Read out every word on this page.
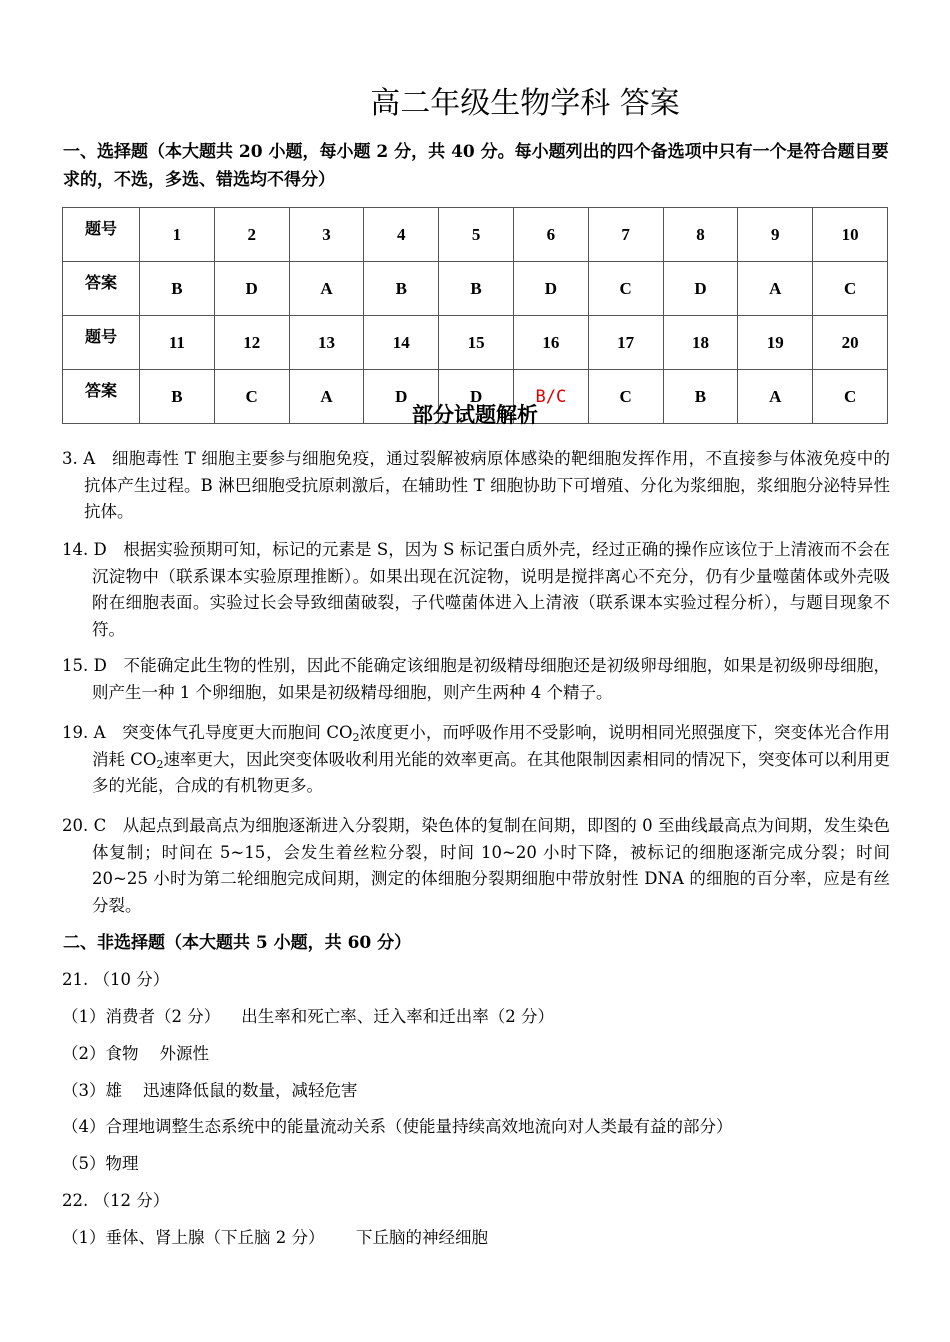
高二年级生物学科 答案
一、选择题（本大题共 20 小题，每小题 2 分，共 40 分。每小题列出的四个备选项中只有一个是符合题目要求的，不选，多选、错选均不得分）
题号	1	2	3	4	5	6	7	8	9	10
答案	B	D	A	B	B	D	C	D	A	C
题号	11	12	13	14	15	16	17	18	19	20
答案	B	C	A	D	D	B/C	C	B	A	C
部分试题解析
3. A  细胞毒性 T 细胞主要参与细胞免疫，通过裂解被病原体感染的靶细胞发挥作用，不直接参与体液免疫中的抗体产生过程。B 淋巴细胞受抗原刺激后，在辅助性 T 细胞协助下可增殖、分化为浆细胞，浆细胞分泌特异性抗体。
14. D  根据实验预期可知，标记的元素是 S，因为 S 标记蛋白质外壳，经过正确的操作应该位于上清液而不会在沉淀物中（联系课本实验原理推断）。如果出现在沉淀物，说明是搅拌离心不充分，仍有少量噬菌体或外壳吸附在细胞表面。实验过长会导致细菌破裂，子代噬菌体进入上清液（联系课本实验过程分析），与题目现象不符。
15. D  不能确定此生物的性别，因此不能确定该细胞是初级精母细胞还是初级卵母细胞，如果是初级卵母细胞，则产生一种 1 个卵细胞，如果是初级精母细胞，则产生两种 4 个精子。
19. A  突变体气孔导度更大而胞间 $CO_2$浓度更小，而呼吸作用不受影响，说明相同光照强度下，突变体光合作用消耗 $CO_2$速率更大，因此突变体吸收利用光能的效率更高。在其他限制因素相同的情况下，突变体可以利用更多的光能，合成的有机物更多。
20. C  从起点到最高点为细胞逐渐进入分裂期，染色体的复制在间期，即图的 0 至曲线最高点为间期，发生染色体复制；时间在 5~15，会发生着丝粒分裂，时间 10~20 小时下降，被标记的细胞逐渐完成分裂；时间 20~25 小时为第二轮细胞完成间期，测定的体细胞分裂期细胞中带放射性 DNA 的细胞的百分率，应是有丝分裂。
二、非选择题（本大题共 5 小题，共 60 分）
21. （10 分）
（1）消费者（2 分）    出生率和死亡率、迁入率和迁出率（2 分）
（2）食物    外源性
（3）雄    迅速降低鼠的数量，减轻危害
（4）合理地调整生态系统中的能量流动关系（使能量持续高效地流向对人类最有益的部分）
（5）物理
22. （12 分）
（1）垂体、肾上腺（下丘脑 2 分）      下丘脑的神经细胞
